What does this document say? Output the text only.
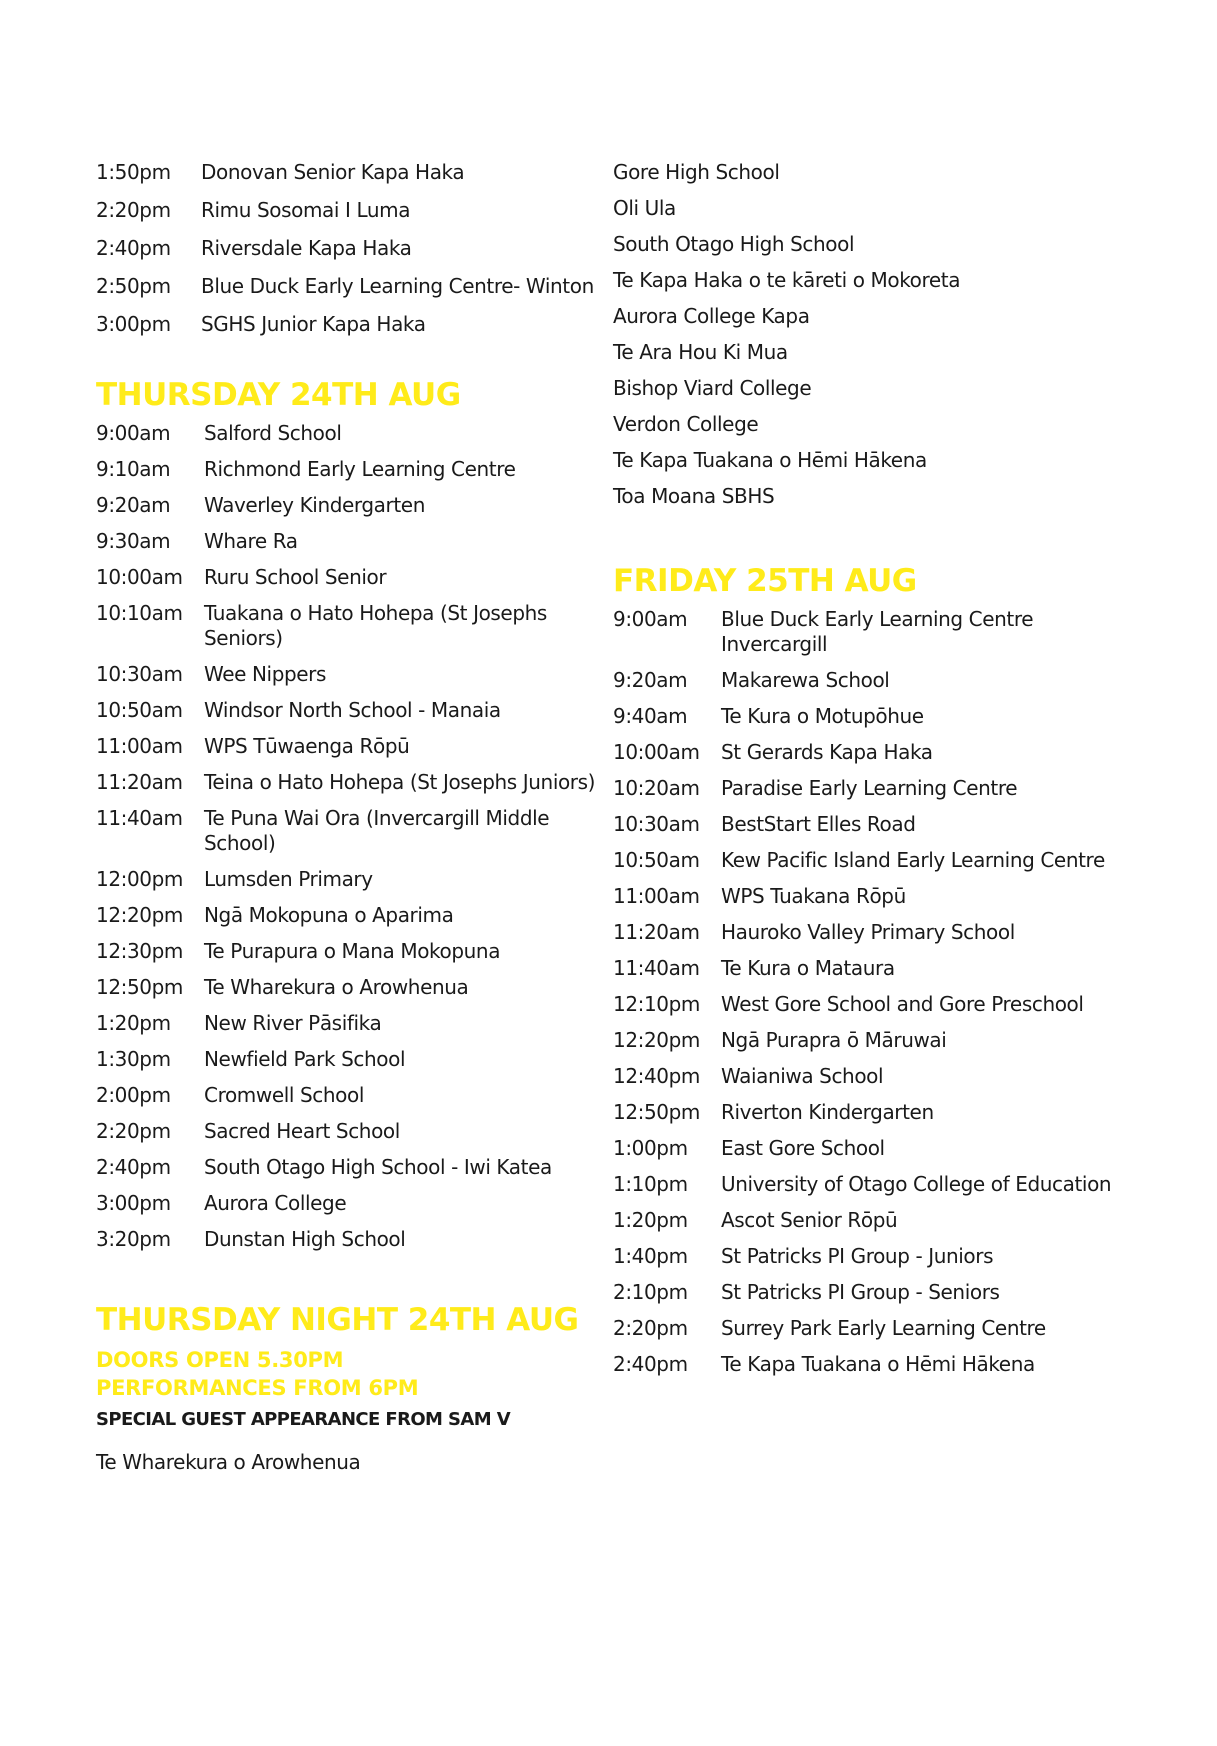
1:50pm	Donovan Senior Kapa Haka
2:20pm	Rimu Sosomai I Luma
2:40pm	Riversdale Kapa Haka
2:50pm	Blue Duck Early Learning Centre- Winton
3:00pm	SGHS Junior Kapa Haka
THURSDAY 24TH AUG
9:00am	Salford School
9:10am	Richmond Early Learning Centre
9:20am	Waverley Kindergarten
9:30am	Whare Ra
10:00am	Ruru School Senior
10:10am	Tuakana o Hato Hohepa (St Josephs Seniors)
10:30am	Wee Nippers
10:50am	Windsor North School - Manaia
11:00am	WPS Tūwaenga Rōpū
11:20am	Teina o Hato Hohepa (St Josephs Juniors)
11:40am	Te Puna Wai Ora (Invercargill Middle School)
12:00pm	Lumsden Primary
12:20pm	Ngā Mokopuna o Aparima
12:30pm	Te Purapura o Mana Mokopuna
12:50pm	Te Wharekura o Arowhenua
1:20pm	New River Pāsifika
1:30pm	Newfield Park School
2:00pm	Cromwell School
2:20pm	Sacred Heart School
2:40pm	South Otago High School - Iwi Katea
3:00pm	Aurora College
3:20pm	Dunstan High School
THURSDAY NIGHT 24TH AUG
DOORS OPEN 5.30PM
PERFORMANCES FROM 6PM
SPECIAL GUEST APPEARANCE FROM SAM V
Te Wharekura o Arowhenua
Gore High School
Oli Ula
South Otago High School
Te Kapa Haka o te kāreti o Mokoreta
Aurora College Kapa
Te Ara Hou Ki Mua
Bishop Viard College
Verdon College
Te Kapa Tuakana o Hēmi Hākena
Toa Moana SBHS
FRIDAY 25TH AUG
9:00am	Blue Duck Early Learning Centre Invercargill
9:20am	Makarewa School
9:40am	Te Kura o Motupōhue
10:00am	St Gerards Kapa Haka
10:20am	Paradise Early Learning Centre
10:30am	BestStart Elles Road
10:50am	Kew Pacific Island Early Learning Centre
11:00am	WPS Tuakana Rōpū
11:20am	Hauroko Valley Primary School
11:40am	Te Kura o Mataura
12:10pm	West Gore School and Gore Preschool
12:20pm	Ngā Purapra ō Māruwai
12:40pm	Waianiwa School
12:50pm	Riverton Kindergarten
1:00pm	East Gore School
1:10pm	University of Otago College of Education
1:20pm	Ascot Senior Rōpū
1:40pm	St Patricks PI Group - Juniors
2:10pm	St Patricks PI Group - Seniors
2:20pm	Surrey Park Early Learning Centre
2:40pm	Te Kapa Tuakana o Hēmi Hākena
